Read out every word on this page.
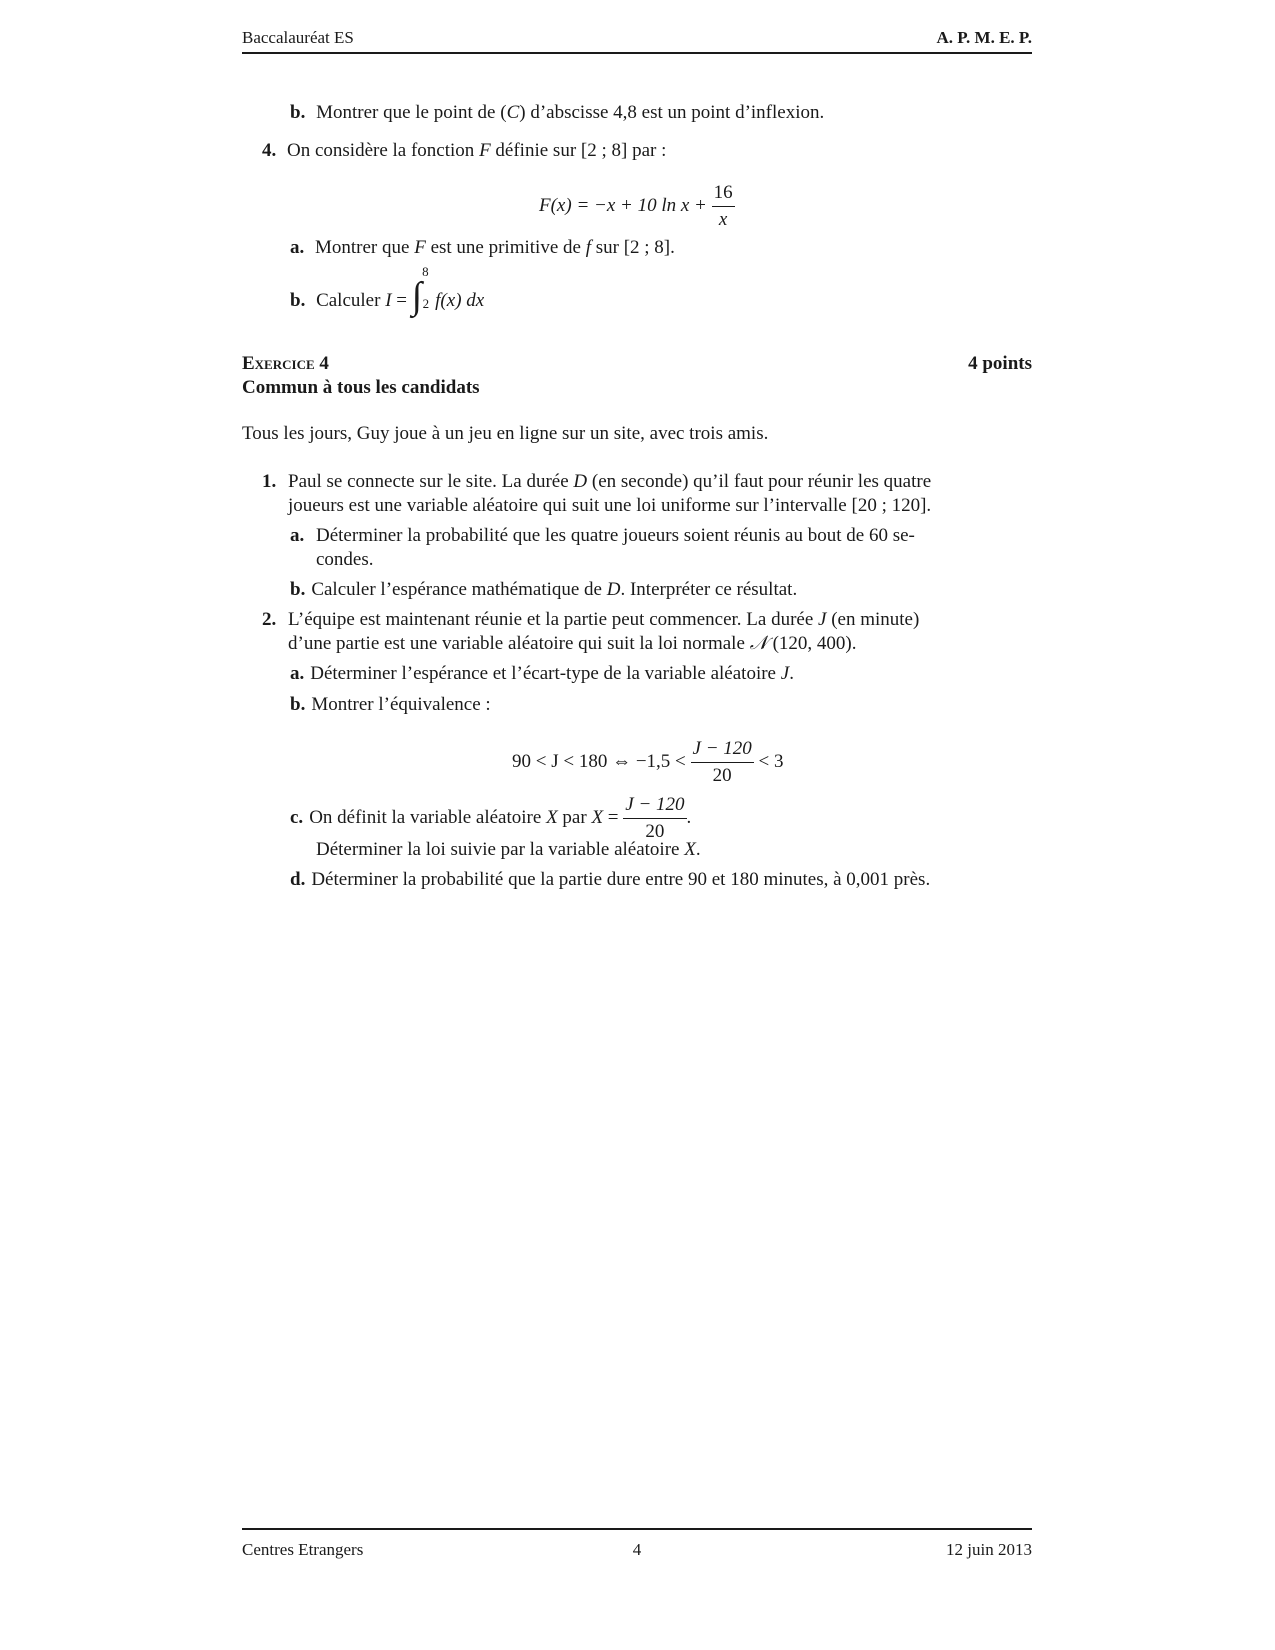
Baccalauréat ES	A. P. M. E. P.
b. Montrer que le point de (C) d’abscisse 4,8 est un point d’inflexion.
4. On considère la fonction F définie sur [2 ; 8] par :
F(x) = −x + 10 $\ln x + \frac{16}{x}$
a. Montrer que F est une primitive de f sur [2 ; 8].
b. Calculer I = ∫$^8_2$ f(x) dx
Exercice 4	4 points
Commun à tous les candidats
Tous les jours, Guy joue à un jeu en ligne sur un site, avec trois amis.
1. Paul se connecte sur le site. La durée D (en seconde) qu’il faut pour réunir les quatre
joueurs est une variable aléatoire qui suit une loi uniforme sur l’intervalle [20 ; 120].
a. Déterminer la probabilité que les quatre joueurs soient réunis au bout de 60 se-
condes.
b. Calculer l’espérance mathématique de D. Interpréter ce résultat.
2. L’équipe est maintenant réunie et la partie peut commencer. La durée J (en minute)
d’une partie est une variable aléatoire qui suit la loi normale 𝒩 (120, 400).
a. Déterminer l’espérance et l’écart-type de la variable aléatoire J.
b. Montrer l’équivalence :
90 < J < 180 ⇔ $-1,5 < \frac{J - 120}{20} < 3$
c. On définit la variable aléatoire X par $X = \frac{J - 120}{20}$ .
Déterminer la loi suivie par la variable aléatoire X.
d. Déterminer la probabilité que la partie dure entre 90 et 180 minutes, à 0,001 près.
Centres Etrangers	4	12 juin 2013
